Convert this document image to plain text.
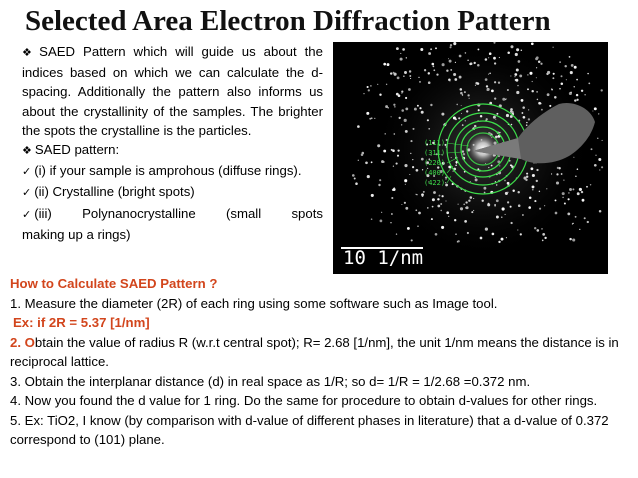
Selected Area Electron Diffraction Pattern

❖ SAED Pattern which will guide us about the indices based on which we can calculate the d-spacing. Additionally the pattern also informs us about the crystallinity of the samples. The brighter the spots the crystalline is the particles.

❖ SAED pattern:

✓ (i) if your sample is amprohous (diffuse rings).

✓ (ii) Crystalline (bright spots)

✓ (iii) Polynanocrystalline (small spots

making up a rings)

(111)
(311)
(220)
(400)
(422)
10 1/nm

How to Calculate SAED Pattern ?

1. Measure the diameter (2R) of each ring using some software such as Image tool.

Ex: if 2R = 5.37 [1/nm]

2. Obtain the value of radius R (w.r.t central spot); R= 2.68 [1/nm], the unit 1/nm means the distance is in reciprocal lattice.

3. Obtain the interplanar distance (d) in real space as 1/R; so d= 1/R = 1/2.68 =0.372 nm.

4. Now you found the d value for 1 ring. Do the same for procedure to obtain d-values for other rings.

5. Ex: TiO2, I know (by comparison with d-value of different phases in literature) that a d-value of 0.372 correspond to (101) plane.
